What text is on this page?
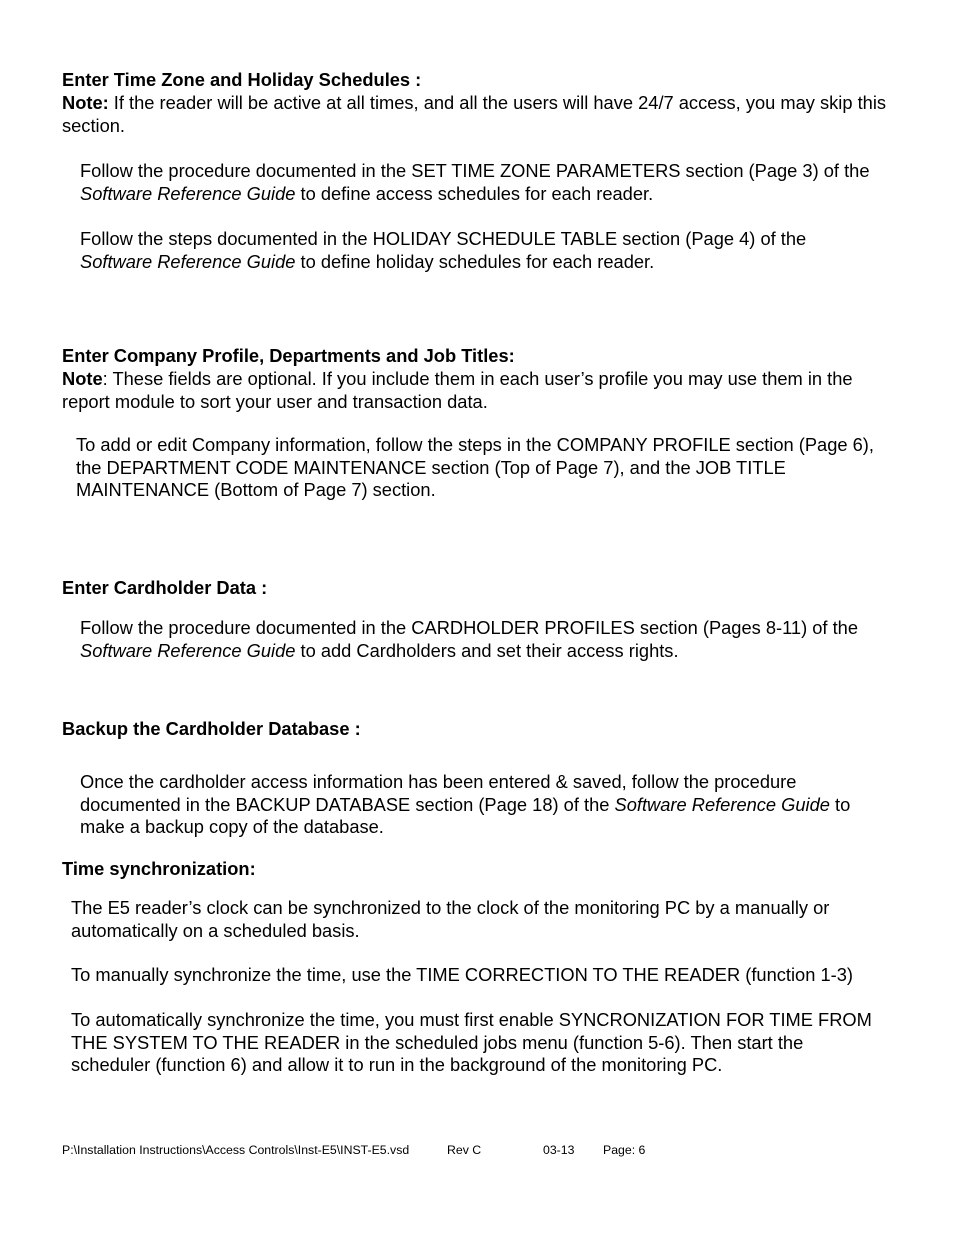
Enter Time Zone and Holiday Schedules :

Note: If the reader will be active at all times, and all the users will have 24/7 access, you may skip this section.

Follow the procedure documented in the SET TIME ZONE PARAMETERS section (Page 3) of the Software Reference Guide to define access schedules for each reader.

Follow the steps documented in the HOLIDAY SCHEDULE TABLE section (Page 4) of the Software Reference Guide to define holiday schedules for each reader.

Enter Company Profile, Departments and Job Titles:

Note: These fields are optional. If you include them in each user’s profile you may use them in the report module to sort your user and transaction data.

To add or edit Company information, follow the steps in the COMPANY PROFILE section (Page 6), the DEPARTMENT CODE MAINTENANCE section (Top of Page 7), and the JOB TITLE MAINTENANCE (Bottom of Page 7) section.

Enter Cardholder Data :

Follow the procedure documented in the CARDHOLDER PROFILES section (Pages 8-11) of the Software Reference Guide to add Cardholders and set their access rights.

Backup the Cardholder Database :

Once the cardholder access information has been entered & saved, follow the procedure documented in the BACKUP DATABASE section (Page 18) of the Software Reference Guide to make a backup copy of the database.

Time synchronization:

The E5 reader’s clock can be synchronized to the clock of the monitoring PC by a manually or automatically on a scheduled basis.

To manually synchronize the time, use the TIME CORRECTION TO THE READER (function 1-3)

To automatically synchronize the time, you must first enable SYNCRONIZATION FOR TIME FROM THE SYSTEM TO THE READER in the scheduled jobs menu (function 5-6). Then start the scheduler (function 6) and allow it to run in the background of the monitoring PC.

P:\Installation Instructions\Access Controls\Inst-E5\INST-E5.vsd	Rev C	03-13 Page: 6
